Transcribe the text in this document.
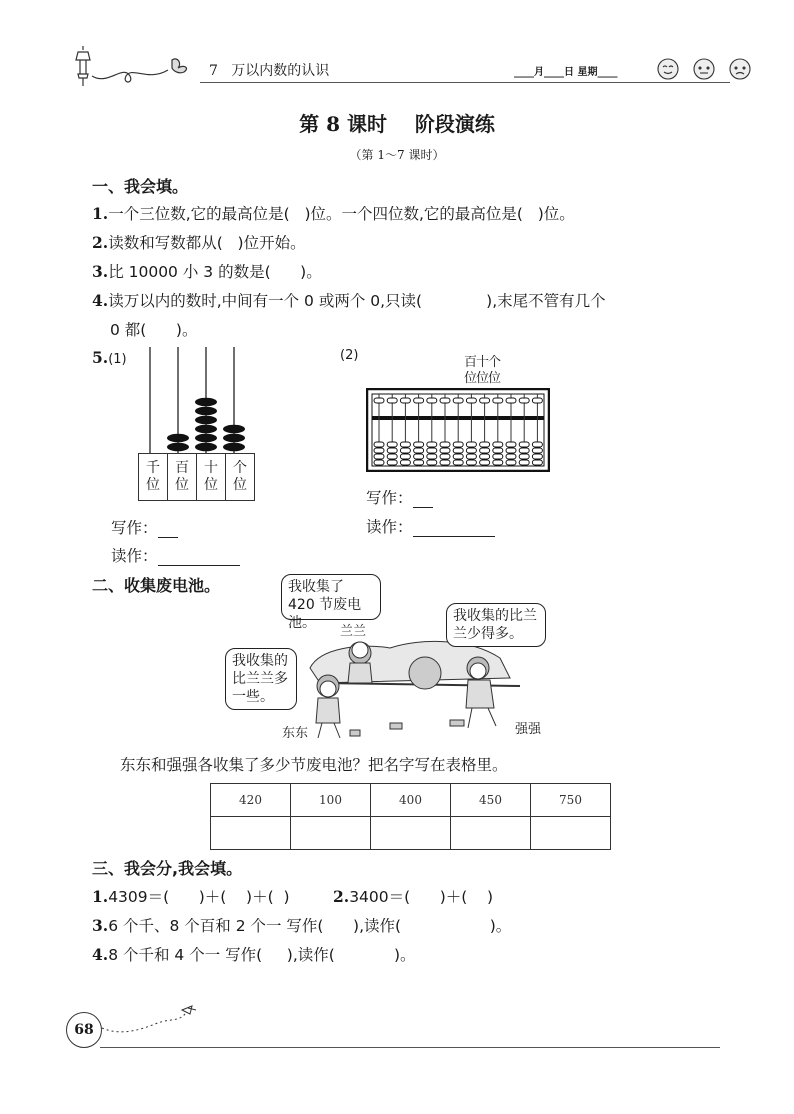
7   万以内数的认识	____月____日 星期____
第 8 课时    阶段演练
（第 1～7 课时）
一、我会填。
1.一个三位数,它的最高位是(   )位。一个四位数,它的最高位是(   )位。
2.读数和写数都从(   )位开始。
3.比 10000 小 3 的数是(      )。
4.读万以内的数时,中间有一个 0 或两个 0,只读(             ),末尾不管有几个
0 都(      )。
5.(1)
千位
百位
十位
个位
写作：
读作：
(2)	百十个
位位位
写作：
读作：
二、收集废电池。	我收集了 420 节废电池。
兰兰
我收集的比兰兰少得多。
我收集的比兰兰多一些。
东东	强强
东东和强强各收集了多少节废电池？把名字写在表格里。
420	100	400	450	750

三、我会分,我会填。
1.4309＝(      )＋(    )＋(  )	2.3400＝(      )＋(    )
3.6 个千、8 个百和 2 个一 写作(      ),读作(                  )。
4.8 个千和 4 个一 写作(     ),读作(            )。
68
